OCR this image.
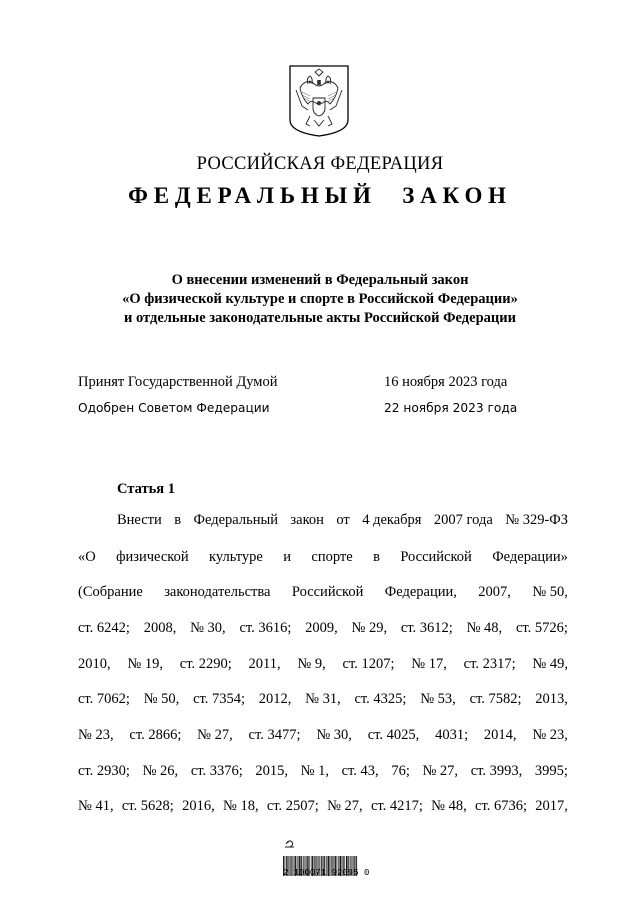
РОССИЙСКАЯ ФЕДЕРАЦИЯ
ФЕДЕРАЛЬНЫЙ ЗАКОН
О внесении изменений в Федеральный закон
«О физической культуре и спорте в Российской Федерации»
и отдельные законодательные акты Российской Федерации
Принят Государственной Думой	16 ноября 2023 года
Одобрен Советом Федерации	22 ноября 2023 года
Статья 1
Внести в Федеральный закон от 4 декабря 2007 года № 329-ФЗ
«О физической культуре и спорте в Российской Федерации»
(Собрание законодательства Российской Федерации, 2007, № 50,
ст. 6242; 2008, № 30, ст. 3616; 2009, № 29, ст. 3612; № 48, ст. 5726;
2010, № 19, ст. 2290; 2011, № 9, ст. 1207; № 17, ст. 2317; № 49,
ст. 7062; № 50, ст. 7354; 2012, № 31, ст. 4325; № 53, ст. 7582; 2013,
№ 23, ст. 2866; № 27, ст. 3477; № 30, ст. 4025, 4031; 2014, № 23,
ст. 2930; № 26, ст. 3376; 2015, № 1, ст. 43, 76; № 27, ст. 3993, 3995;
№ 41, ст. 5628; 2016, № 18, ст. 2507; № 27, ст. 4217; № 48, ст. 6736; 2017,
2 100071 92095 0
